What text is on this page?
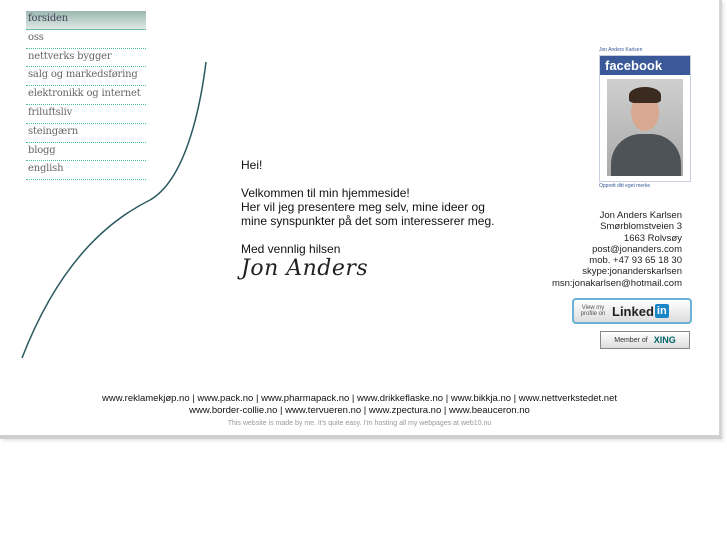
forsiden
oss
nettverks bygger
salg og markedsføring
elektronikk og internet
friluftsliv
steingærn
blogg
english	Hei!

Velkommen til min hjemmeside!

Her vil jeg presentere meg selv, mine ideer og

mine synspunkter på det som interesserer meg.

Med vennlig hilsen

Jon Anders

Jon Anders Karlsen
facebook
Opprett ditt eget merke
Jon Anders Karlsen
Smørblomstveien 3
1663 Rolvsøy
post@jonanders.com
mob. +47 93 65 18 30
skype:jonanderskarlsen
msn:jonakarlsen@hotmail.com
View my profile on Linked in
Member of XING
www.reklamekjøp.no | www.pack.no | www.pharmapack.no | www.drikkeflaske.no | www.bikkja.no | www.nettverkstedet.net
www.border-collie.no | www.tervueren.no | www.zpectura.no | www.beauceron.no
This website is made by me. it's quite easy. I'm hosting all my webpages at web10.nu
